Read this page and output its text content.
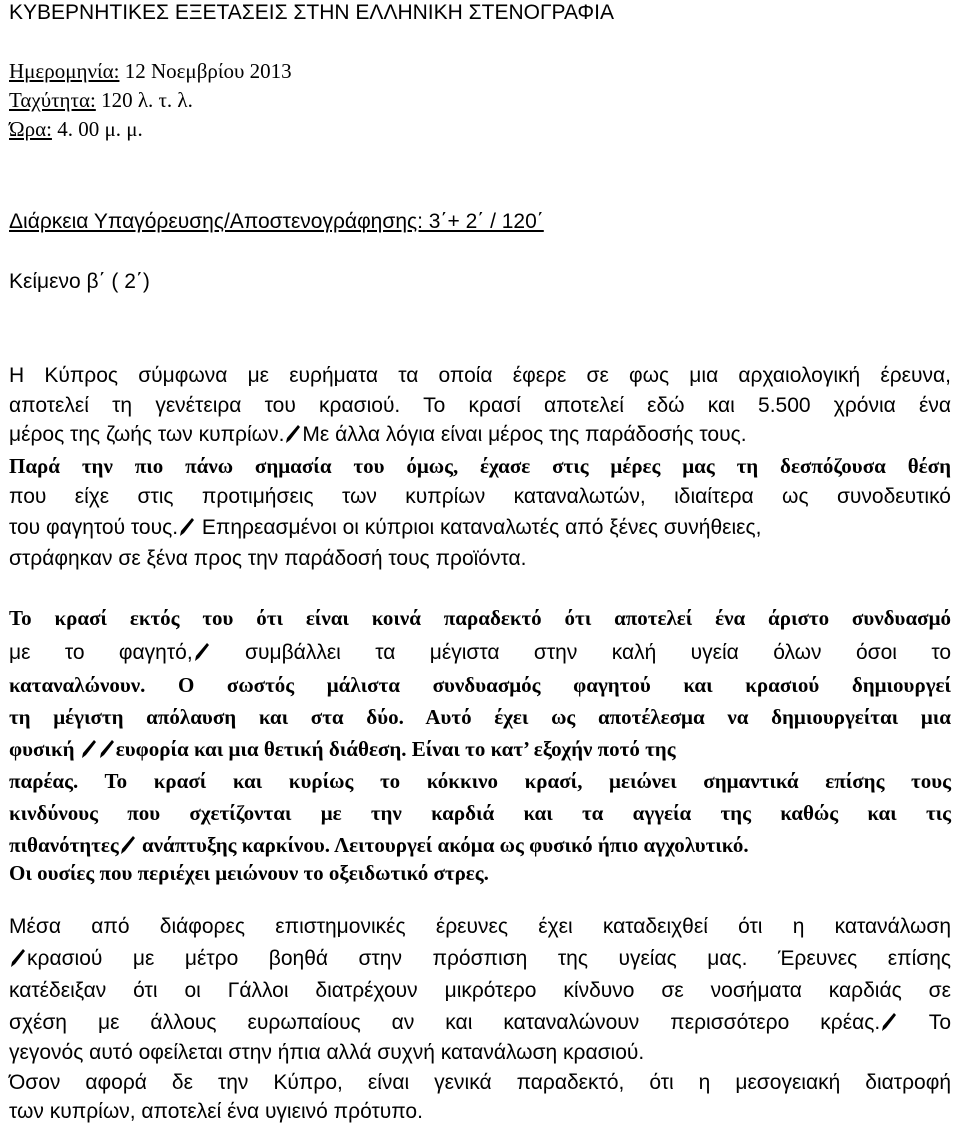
ΚΥΒΕΡΝΗΤΙΚΕΣ ΕΞΕΤΑΣΕΙΣ ΣΤΗΝ ΕΛΛΗΝΙΚΗ ΣΤΕΝΟΓΡΑΦΙΑ
Ημερομηνία: 12 Νοεμβρίου 2013
Ταχύτητα: 120 λ. τ. λ.
Ώρα: 4. 00 μ. μ.
Διάρκεια Υπαγόρευσης/Αποστενογράφησης: 3΄+ 2΄ / 120΄
Κείμενο β΄ ( 2΄)
Η Κύπρος σύμφωνα με ευρήματα τα οποία έφερε σε φως μια αρχαιολογική έρευνα,
αποτελεί τη γενέτειρα του κρασιού. Το κρασί αποτελεί εδώ και 5.500 χρόνια ένα
μέρος της ζωής των κυπρίων. Με άλλα λόγια είναι μέρος της παράδοσής τους.
Παρά την πιο πάνω σημασία του όμως, έχασε στις μέρες μας τη δεσπόζουσα θέση
που είχε στις προτιμήσεις των κυπρίων καταναλωτών, ιδιαίτερα ως συνοδευτικό
του φαγητού τους.
Επηρεασμένοι οι κύπριοι καταναλωτές από ξένες συνήθειες,
στράφηκαν σε ξένα προς την παράδοσή τους προϊόντα.
Το κρασί εκτός του ότι είναι κοινά παραδεκτό ότι αποτελεί ένα άριστο συνδυασμό
με το φαγητό,
συμβάλλει τα μέγιστα στην καλή υγεία όλων όσοι το
καταναλώνουν. Ο σωστός μάλιστα συνδυασμός φαγητού και κρασιού δημιουργεί
τη μέγιστη απόλαυση και στα δύο. Αυτό έχει ως αποτέλεσμα να δημιουργείται μια
φυσική
ευφορία και μια θετική διάθεση. Είναι το κατ’ εξοχήν ποτό της
παρέας. Το κρασί και κυρίως το κόκκινο κρασί, μειώνει σημαντικά επίσης τους
κινδύνους που σχετίζονται με την καρδιά και τα αγγεία της καθώς και τις
πιθανότητες
ανάπτυξης καρκίνου. Λειτουργεί ακόμα ως φυσικό ήπιο αγχολυτικό.
Οι ουσίες που περιέχει μειώνουν το οξειδωτικό στρες.
Μέσα από διάφορες επιστημονικές έρευνες έχει καταδειχθεί ότι η κατανάλωση
κρασιού με μέτρο βοηθά στην πρόσπιση της υγείας μας. Έρευνες επίσης
κατέδειξαν ότι οι Γάλλοι διατρέχουν μικρότερο κίνδυνο σε νοσήματα καρδιάς σε
σχέση με άλλους ευρωπαίους αν και καταναλώνουν περισσότερο κρέας.
Το
γεγονός αυτό οφείλεται στην ήπια αλλά συχνή κατανάλωση κρασιού.
Όσον αφορά δε την Κύπρο, είναι γενικά παραδεκτό, ότι η μεσογειακή διατροφή
των κυπρίων, αποτελεί ένα υγιεινό πρότυπο.
